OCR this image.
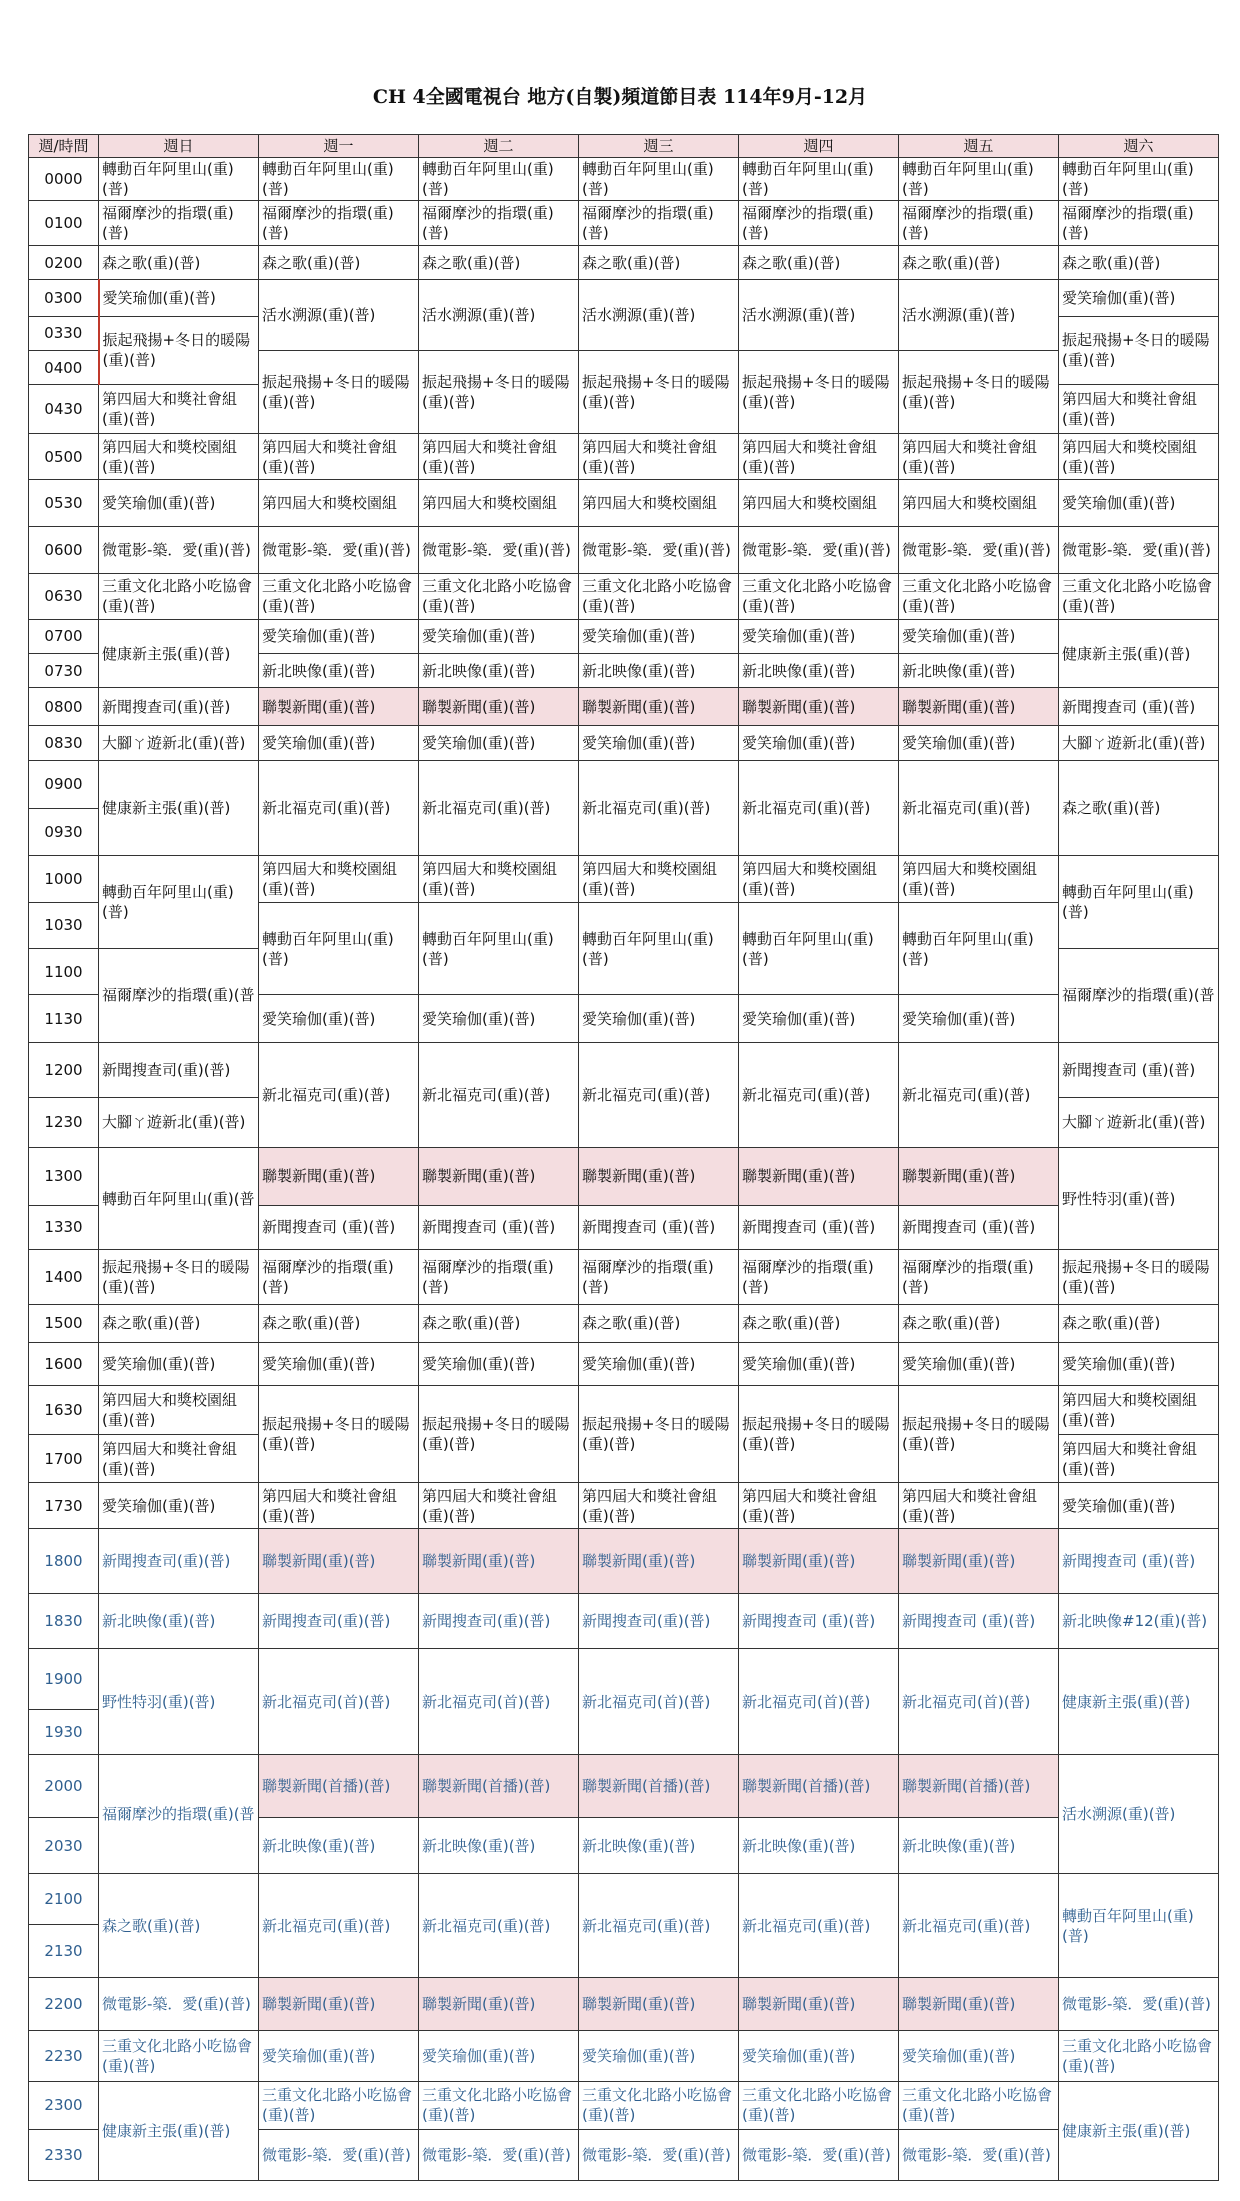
CH 4全國電視台 地方(自製)頻道節目表 114年9月-12月
週/時間	週日	週一	週二	週三	週四	週五	週六
0000	轉動百年阿里山(重)(普)	轉動百年阿里山(重)(普)	轉動百年阿里山(重)(普)	轉動百年阿里山(重)(普)	轉動百年阿里山(重)(普)	轉動百年阿里山(重)(普)	轉動百年阿里山(重)(普)
0100	福爾摩沙的指環(重)(普)	福爾摩沙的指環(重)(普)	福爾摩沙的指環(重)(普)	福爾摩沙的指環(重)(普)	福爾摩沙的指環(重)(普)	福爾摩沙的指環(重)(普)	福爾摩沙的指環(重)(普)
0200	森之歌(重)(普)	森之歌(重)(普)	森之歌(重)(普)	森之歌(重)(普)	森之歌(重)(普)	森之歌(重)(普)	森之歌(重)(普)
0300	愛笑瑜伽(重)(普)	活水溯源(重)(普)	活水溯源(重)(普)	活水溯源(重)(普)	活水溯源(重)(普)	活水溯源(重)(普)	愛笑瑜伽(重)(普)
0330	振起飛揚+冬日的暖陽(重)(普)						振起飛揚+冬日的暖陽(重)(普)
0400		振起飛揚+冬日的暖陽(重)(普)	振起飛揚+冬日的暖陽(重)(普)	振起飛揚+冬日的暖陽(重)(普)	振起飛揚+冬日的暖陽(重)(普)	振起飛揚+冬日的暖陽(重)(普)	
0430	第四屆大和獎社會組(重)(普)						第四屆大和獎社會組(重)(普)
0500	第四屆大和獎校園組(重)(普)	第四屆大和獎社會組(重)(普)	第四屆大和獎社會組(重)(普)	第四屆大和獎社會組(重)(普)	第四屆大和獎社會組(重)(普)	第四屆大和獎社會組(重)(普)	第四屆大和獎校園組(重)(普)
0530	愛笑瑜伽(重)(普)	第四屆大和獎校園組	第四屆大和獎校園組	第四屆大和獎校園組	第四屆大和獎校園組	第四屆大和獎校園組	愛笑瑜伽(重)(普)
0600	微電影-築．愛(重)(普)	微電影-築．愛(重)(普)	微電影-築．愛(重)(普)	微電影-築．愛(重)(普)	微電影-築．愛(重)(普)	微電影-築．愛(重)(普)	微電影-築．愛(重)(普)
0630	三重文化北路小吃協會(重)(普)	三重文化北路小吃協會(重)(普)	三重文化北路小吃協會(重)(普)	三重文化北路小吃協會(重)(普)	三重文化北路小吃協會(重)(普)	三重文化北路小吃協會(重)(普)	三重文化北路小吃協會(重)(普)
0700	健康新主張(重)(普)	愛笑瑜伽(重)(普)	愛笑瑜伽(重)(普)	愛笑瑜伽(重)(普)	愛笑瑜伽(重)(普)	愛笑瑜伽(重)(普)	健康新主張(重)(普)
0730		新北映像(重)(普)	新北映像(重)(普)	新北映像(重)(普)	新北映像(重)(普)	新北映像(重)(普)	
0800	新聞搜查司(重)(普)	聯製新聞(重)(普)	聯製新聞(重)(普)	聯製新聞(重)(普)	聯製新聞(重)(普)	聯製新聞(重)(普)	新聞搜查司 (重)(普)
0830	大腳ㄚ遊新北(重)(普)	愛笑瑜伽(重)(普)	愛笑瑜伽(重)(普)	愛笑瑜伽(重)(普)	愛笑瑜伽(重)(普)	愛笑瑜伽(重)(普)	大腳ㄚ遊新北(重)(普)
0900	健康新主張(重)(普)	新北福克司(重)(普)	新北福克司(重)(普)	新北福克司(重)(普)	新北福克司(重)(普)	新北福克司(重)(普)	森之歌(重)(普)
0930							
1000	轉動百年阿里山(重)(普)	第四屆大和獎校園組(重)(普)	第四屆大和獎校園組(重)(普)	第四屆大和獎校園組(重)(普)	第四屆大和獎校園組(重)(普)	第四屆大和獎校園組(重)(普)	轉動百年阿里山(重)(普)
1030		轉動百年阿里山(重)(普)	轉動百年阿里山(重)(普)	轉動百年阿里山(重)(普)	轉動百年阿里山(重)(普)	轉動百年阿里山(重)(普)	
1100	福爾摩沙的指環(重)(普						福爾摩沙的指環(重)(普
1130		愛笑瑜伽(重)(普)	愛笑瑜伽(重)(普)	愛笑瑜伽(重)(普)	愛笑瑜伽(重)(普)	愛笑瑜伽(重)(普)	
1200	新聞搜查司(重)(普)	新北福克司(重)(普)	新北福克司(重)(普)	新北福克司(重)(普)	新北福克司(重)(普)	新北福克司(重)(普)	新聞搜查司 (重)(普)
1230	大腳ㄚ遊新北(重)(普)						大腳ㄚ遊新北(重)(普)
1300	轉動百年阿里山(重)(普	聯製新聞(重)(普)	聯製新聞(重)(普)	聯製新聞(重)(普)	聯製新聞(重)(普)	聯製新聞(重)(普)	野性特羽(重)(普)
1330		新聞搜查司 (重)(普)	新聞搜查司 (重)(普)	新聞搜查司 (重)(普)	新聞搜查司 (重)(普)	新聞搜查司 (重)(普)	
1400	振起飛揚+冬日的暖陽(重)(普)	福爾摩沙的指環(重)(普)	福爾摩沙的指環(重)(普)	福爾摩沙的指環(重)(普)	福爾摩沙的指環(重)(普)	福爾摩沙的指環(重)(普)	振起飛揚+冬日的暖陽(重)(普)
1500	森之歌(重)(普)	森之歌(重)(普)	森之歌(重)(普)	森之歌(重)(普)	森之歌(重)(普)	森之歌(重)(普)	森之歌(重)(普)
1600	愛笑瑜伽(重)(普)	愛笑瑜伽(重)(普)	愛笑瑜伽(重)(普)	愛笑瑜伽(重)(普)	愛笑瑜伽(重)(普)	愛笑瑜伽(重)(普)	愛笑瑜伽(重)(普)
1630	第四屆大和獎校園組(重)(普)	振起飛揚+冬日的暖陽(重)(普)	振起飛揚+冬日的暖陽(重)(普)	振起飛揚+冬日的暖陽(重)(普)	振起飛揚+冬日的暖陽(重)(普)	振起飛揚+冬日的暖陽(重)(普)	第四屆大和獎校園組(重)(普)
1700	第四屆大和獎社會組(重)(普)						第四屆大和獎社會組(重)(普)
1730	愛笑瑜伽(重)(普)	第四屆大和獎社會組(重)(普)	第四屆大和獎社會組(重)(普)	第四屆大和獎社會組(重)(普)	第四屆大和獎社會組(重)(普)	第四屆大和獎社會組(重)(普)	愛笑瑜伽(重)(普)
1800	新聞搜查司(重)(普)	聯製新聞(重)(普)	聯製新聞(重)(普)	聯製新聞(重)(普)	聯製新聞(重)(普)	聯製新聞(重)(普)	新聞搜查司 (重)(普)
1830	新北映像(重)(普)	新聞搜查司(重)(普)	新聞搜查司(重)(普)	新聞搜查司(重)(普)	新聞搜查司 (重)(普)	新聞搜查司 (重)(普)	新北映像#12(重)(普)
1900	野性特羽(重)(普)	新北福克司(首)(普)	新北福克司(首)(普)	新北福克司(首)(普)	新北福克司(首)(普)	新北福克司(首)(普)	健康新主張(重)(普)
1930							
2000	福爾摩沙的指環(重)(普	聯製新聞(首播)(普)	聯製新聞(首播)(普)	聯製新聞(首播)(普)	聯製新聞(首播)(普)	聯製新聞(首播)(普)	活水溯源(重)(普)
2030		新北映像(重)(普)	新北映像(重)(普)	新北映像(重)(普)	新北映像(重)(普)	新北映像(重)(普)	
2100	森之歌(重)(普)	新北福克司(重)(普)	新北福克司(重)(普)	新北福克司(重)(普)	新北福克司(重)(普)	新北福克司(重)(普)	轉動百年阿里山(重)(普)
2130							
2200	微電影-築．愛(重)(普)	聯製新聞(重)(普)	聯製新聞(重)(普)	聯製新聞(重)(普)	聯製新聞(重)(普)	聯製新聞(重)(普)	微電影-築．愛(重)(普)
2230	三重文化北路小吃協會(重)(普)	愛笑瑜伽(重)(普)	愛笑瑜伽(重)(普)	愛笑瑜伽(重)(普)	愛笑瑜伽(重)(普)	愛笑瑜伽(重)(普)	三重文化北路小吃協會(重)(普)
2300	健康新主張(重)(普)	三重文化北路小吃協會(重)(普)	三重文化北路小吃協會(重)(普)	三重文化北路小吃協會(重)(普)	三重文化北路小吃協會(重)(普)	三重文化北路小吃協會(重)(普)	健康新主張(重)(普)
2330		微電影-築．愛(重)(普)	微電影-築．愛(重)(普)	微電影-築．愛(重)(普)	微電影-築．愛(重)(普)	微電影-築．愛(重)(普)	
